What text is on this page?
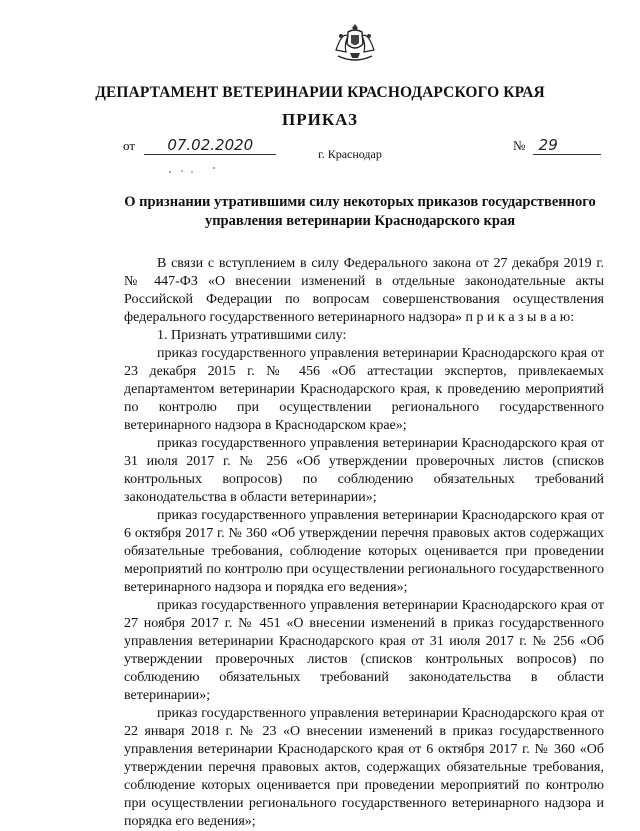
ДЕПАРТАМЕНТ ВЕТЕРИНАРИИ КРАСНОДАРСКОГО КРАЯ
ПРИКАЗ
от 07.02.2020	№ 29
г. Краснодар
О признании утратившими силу некоторых приказов государственного управления ветеринарии Краснодарского края

В связи с вступлением в силу Федерального закона от 27 декабря 2019 г. № 447-ФЗ «О внесении изменений в отдельные законодательные акты Российской Федерации по вопросам совершенствования осуществления федерального государственного ветеринарного надзора» п р и к а з ы в а ю:

1. Признать утратившими силу:

приказ государственного управления ветеринарии Краснодарского края от 23 декабря 2015 г. № 456 «Об аттестации экспертов, привлекаемых департаментом ветеринарии Краснодарского края, к проведению мероприятий по контролю при осуществлении регионального государственного ветеринарного надзора в Краснодарском крае»;

приказ государственного управления ветеринарии Краснодарского края от 31 июля 2017 г. № 256 «Об утверждении проверочных листов (списков контрольных вопросов) по соблюдению обязательных требований законодательства в области ветеринарии»;

приказ государственного управления ветеринарии Краснодарского края от 6 октября 2017 г. № 360 «Об утверждении перечня правовых актов содержащих обязательные требования, соблюдение которых оценивается при проведении мероприятий по контролю при осуществлении регионального государственного ветеринарного надзора и порядка его ведения»;

приказ государственного управления ветеринарии Краснодарского края от 27 ноября 2017 г. № 451 «О внесении изменений в приказ государственного управления ветеринарии Краснодарского края от 31 июля 2017 г. № 256 «Об утверждении проверочных листов (списков контрольных вопросов) по соблюдению обязательных требований законодательства в области ветеринарии»;

приказ государственного управления ветеринарии Краснодарского края от 22 января 2018 г. № 23 «О внесении изменений в приказ государственного управления ветеринарии Краснодарского края от 6 октября 2017 г. № 360 «Об утверждении перечня правовых актов, содержащих обязательные требования, соблюдение которых оценивается при проведении мероприятий по контролю при осуществлении регионального государственного ветеринарного надзора и порядка его ведения»;
